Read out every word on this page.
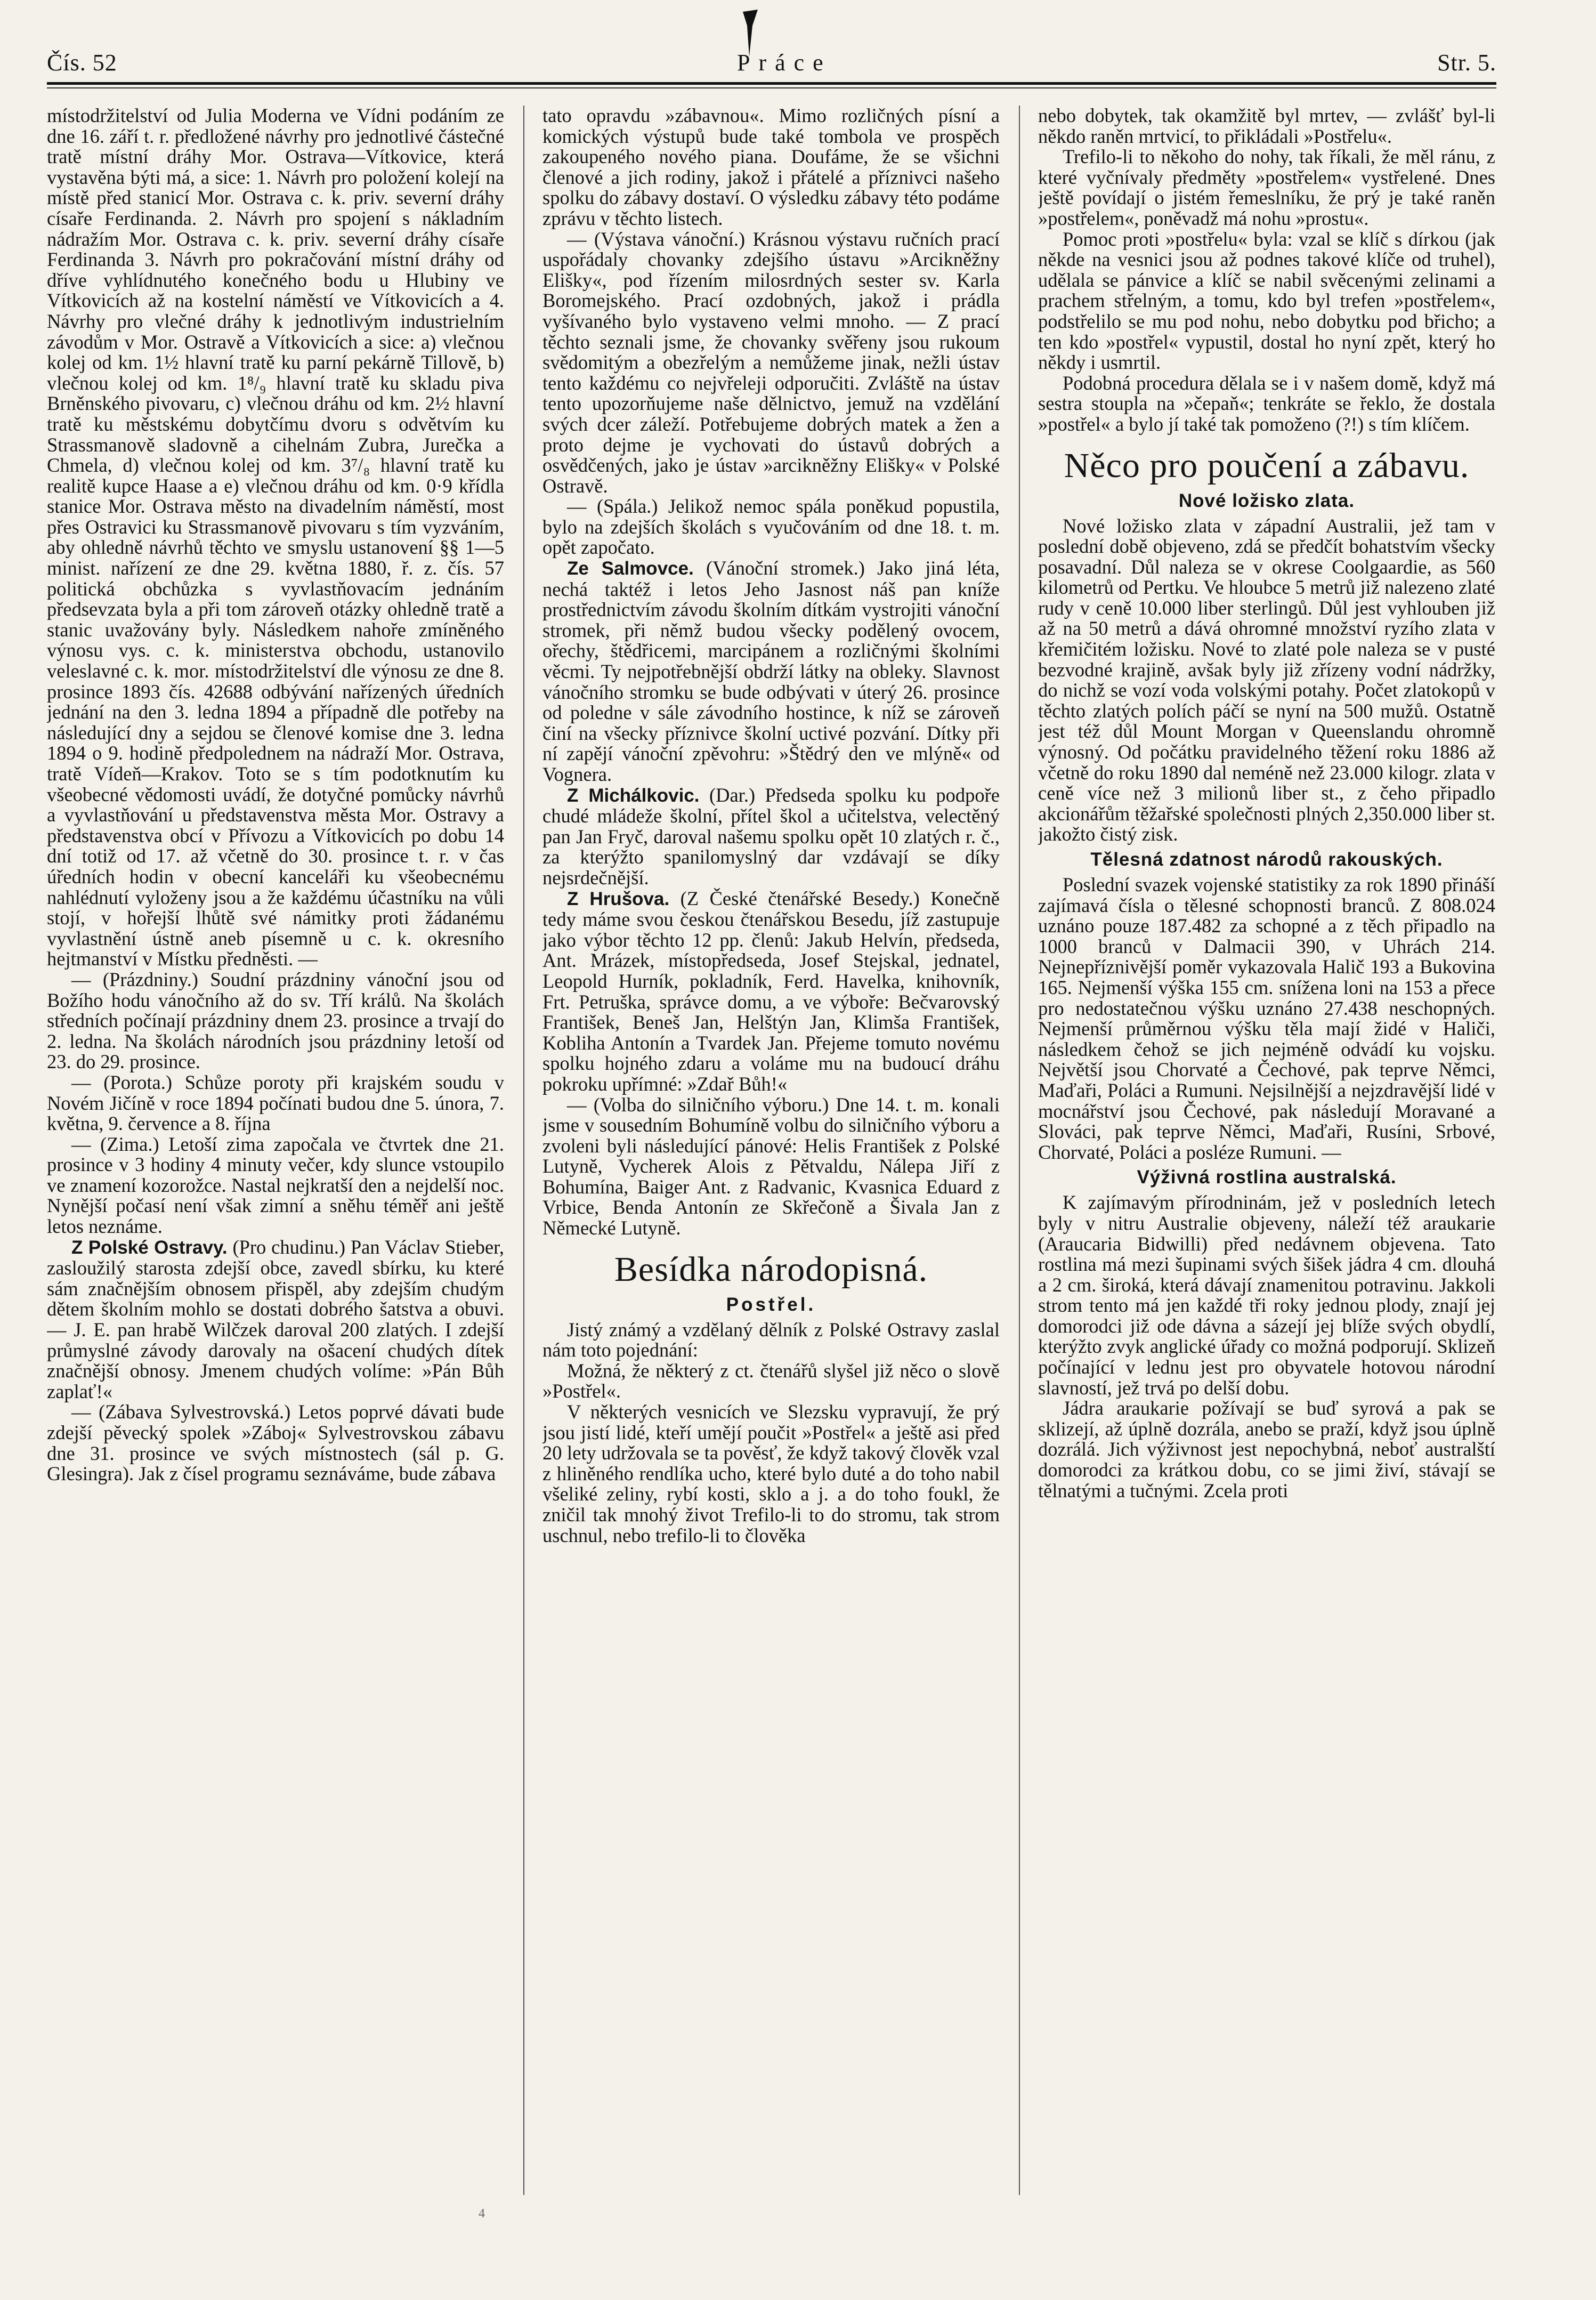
Čís. 52	Práce	Str. 5.

místodržitelství od Julia Moderna ve Vídni podáním ze dne 16. září t. r. předložené návrhy pro jednotlivé částečné tratě místní dráhy Mor. Ostrava—Vítkovice, která vystavěna býti má, a sice: 1. Návrh pro položení kolejí na místě před stanicí Mor. Ostrava c. k. priv. severní dráhy císaře Ferdinanda. 2. Návrh pro spojení s nákladním nádražím Mor. Ostrava c. k. priv. severní dráhy císaře Ferdinanda 3. Návrh pro pokračování místní dráhy od dříve vyhlídnutého konečného bodu u Hlubiny ve Vítkovicích až na kostelní náměstí ve Vítkovicích a 4. Návrhy pro vlečné dráhy k jednotlivým industrielním závodům v Mor. Ostravě a Vítkovicích a sice: a) vlečnou kolej od km. 1½ hlavní tratě ku parní pekárně Tillově, b) vlečnou kolej od km. 1⁸/₉ hlavní tratě ku skladu piva Brněnského pivovaru, c) vlečnou dráhu od km. 2½ hlavní tratě ku městskému dobytčímu dvoru s odvětvím ku Strassmanově sladovně a cihelnám Zubra, Jurečka a Chmela, d) vlečnou kolej od km. 3⁷/₈ hlavní tratě ku realitě kupce Haase a e) vlečnou dráhu od km. 0·9 křídla stanice Mor. Ostrava město na divadelním náměstí, most přes Ostravici ku Strassmanově pivovaru s tím vyzváním, aby ohledně návrhů těchto ve smyslu ustanovení §§ 1—5 minist. nařízení ze dne 29. května 1880, ř. z. čís. 57 politická obchůzka s vyvlastňovacím jednáním předsevzata byla a při tom zároveň otázky ohledně tratě a stanic uvažovány byly. Následkem nahoře zmíněného výnosu vys. c. k. ministerstva obchodu, ustanovilo veleslavné c. k. mor. místodržitelství dle výnosu ze dne 8. prosince 1893 čís. 42688 odbývání nařízených úředních jednání na den 3. ledna 1894 a případně dle potřeby na následující dny a sejdou se členové komise dne 3. ledna 1894 o 9. hodině předpolednem na nádraží Mor. Ostrava, tratě Vídeň—Krakov. Toto se s tím podotknutím ku všeobecné vědomosti uvádí, že dotyčné pomůcky návrhů a vyvlastňování u představenstva města Mor. Ostravy a představenstva obcí v Přívozu a Vítkovicích po dobu 14 dní totiž od 17. až včetně do 30. prosince t. r. v čas úředních hodin v obecní kanceláři ku všeobecnému nahlédnutí vyloženy jsou a že každému účastníku na vůli stojí, v hořejší lhůtě své námitky proti žádanému vyvlastnění ústně aneb písemně u c. k. okresního hejtmanství v Místku předněsti. —

— (Prázdniny.) Soudní prázdniny vánoční jsou od Božího hodu vánočního až do sv. Tří králů. Na školách středních počínají prázdniny dnem 23. prosince a trvají do 2. ledna. Na školách národních jsou prázdniny letoší od 23. do 29. prosince.

— (Porota.) Schůze poroty při krajském soudu v Novém Jičíně v roce 1894 počínati budou dne 5. února, 7. května, 9. července a 8. října

— (Zima.) Letoší zima započala ve čtvrtek dne 21. prosince v 3 hodiny 4 minuty večer, kdy slunce vstoupilo ve znamení kozorožce. Nastal nejkratší den a nejdelší noc. Nynější počasí není však zimní a sněhu téměř ani ještě letos neznáme.

Z Polské Ostravy. (Pro chudinu.) Pan Václav Stieber, zasloužilý starosta zdejší obce, zavedl sbírku, ku které sám značnějším obnosem přispěl, aby zdejším chudým dětem školním mohlo se dostati dobrého šatstva a obuvi. — J. E. pan hrabě Wilčzek daroval 200 zlatých. I zdejší průmyslné závody darovaly na ošacení chudých dítek značnější obnosy. Jmenem chudých volíme: »Pán Bůh zaplať!«

— (Zábava Sylvestrovská.) Letos poprvé dávati bude zdejší pěvecký spolek »Záboj« Sylvestrovskou zábavu dne 31. prosince ve svých místnostech (sál p. G. Glesingra). Jak z čísel programu seznáváme, bude zábava

tato opravdu »zábavnou«. Mimo rozličných písní a komických výstupů bude také tombola ve prospěch zakoupeného nového piana. Doufáme, že se všichni členové a jich rodiny, jakož i přátelé a příznivci našeho spolku do zábavy dostaví. O výsledku zábavy této podáme zprávu v těchto listech.

— (Výstava vánoční.) Krásnou výstavu ručních prací uspořádaly chovanky zdejšího ústavu »Arcikněžny Elišky«, pod řízením milosrdných sester sv. Karla Boromejského. Prací ozdobných, jakož i prádla vyšívaného bylo vystaveno velmi mnoho. — Z prací těchto seznali jsme, že chovanky svěřeny jsou rukoum svědomitým a obezřelým a nemůžeme jinak, nežli ústav tento každému co nejvřeleji odporučiti. Zvláště na ústav tento upozorňujeme naše dělnictvo, jemuž na vzdělání svých dcer záleží. Potřebujeme dobrých matek a žen a proto dejme je vychovati do ústavů dobrých a osvědčených, jako je ústav »arcikněžny Elišky« v Polské Ostravě.

— (Spála.) Jelikož nemoc spála poněkud popustila, bylo na zdejších školách s vyučováním od dne 18. t. m. opět započato.

Ze Salmovce. (Vánoční stromek.) Jako jiná léta, nechá taktéž i letos Jeho Jasnost náš pan kníže prostřednictvím závodu školním dítkám vystrojiti vánoční stromek, při němž budou všecky podělený ovocem, ořechy, štědřicemi, marcipánem a rozličnými školními věcmi. Ty nejpotřebnější obdrží látky na obleky. Slavnost vánočního stromku se bude odbývati v úterý 26. prosince od poledne v sále závodního hostince, k níž se zároveň činí na všecky příznivce školní uctivé pozvání. Dítky při ní zapějí vánoční zpěvohru: »Štědrý den ve mlýně« od Vognera.

Z Michálkovic. (Dar.) Předseda spolku ku podpoře chudé mládeže školní, přítel škol a učitelstva, velectěný pan Jan Fryč, daroval našemu spolku opět 10 zlatých r. č., za kterýžto spanilomyslný dar vzdávají se díky nejsrdečnější.

Z Hrušova. (Z České čtenářské Besedy.) Konečně tedy máme svou českou čtenářskou Besedu, jíž zastupuje jako výbor těchto 12 pp. členů: Jakub Helvín, předseda, Ant. Mrázek, místopředseda, Josef Stejskal, jednatel, Leopold Hurník, pokladník, Ferd. Havelka, knihovník, Frt. Petruška, správce domu, a ve výboře: Bečvarovský František, Beneš Jan, Helštýn Jan, Klimša František, Kobliha Antonín a Tvardek Jan. Přejeme tomuto novému spolku hojného zdaru a voláme mu na budoucí dráhu pokroku upřímné: »Zdař Bůh!«

— (Volba do silničního výboru.) Dne 14. t. m. konali jsme v sousedním Bohumíně volbu do silničního výboru a zvoleni byli následující pánové: Helis František z Polské Lutyně, Vycherek Alois z Pětvaldu, Nálepa Jiří z Bohumína, Baiger Ant. z Radvanic, Kvasnica Eduard z Vrbice, Benda Antonín ze Skřečoně a Šivala Jan z Německé Lutyně.

Besídka národopisná.
Postřel.

Jistý známý a vzdělaný dělník z Polské Ostravy zaslal nám toto pojednání:

Možná, že některý z ct. čtenářů slyšel již něco o slově »Postřel«.

V některých vesnicích ve Slezsku vypravují, že prý jsou jistí lidé, kteří umějí poučit »Postřel« a ještě asi před 20 lety udržovala se ta pověsť, že když takový člověk vzal z hliněného rendlíka ucho, které bylo duté a do toho nabil všeliké zeliny, rybí kosti, sklo a j. a do toho foukl, že zničil tak mnohý život Trefilo-li to do stromu, tak strom uschnul, nebo trefilo-li to člověka

nebo dobytek, tak okamžitě byl mrtev, — zvlášť byl-li někdo raněn mrtvicí, to přikládali »Postřelu«.

Trefilo-li to někoho do nohy, tak říkali, že měl ránu, z které vyčnívaly předměty »postřelem« vystřelené. Dnes ještě povídají o jistém řemeslníku, že prý je také raněn »postřelem«, poněvadž má nohu »prostu«.

Pomoc proti »postřelu« byla: vzal se klíč s dírkou (jak někde na vesnici jsou až podnes takové klíče od truhel), udělala se pánvice a klíč se nabil svěcenými zelinami a prachem střelným, a tomu, kdo byl trefen »postřelem«, podstřelilo se mu pod nohu, nebo dobytku pod břicho; a ten kdo »postřel« vypustil, dostal ho nyní zpět, který ho někdy i usmrtil.

Podobná procedura dělala se i v našem domě, když má sestra stoupla na »čepaň«; tenkráte se řeklo, že dostala »postřel« a bylo jí také tak pomoženo (?!) s tím klíčem.

Něco pro poučení a zábavu.
Nové ložisko zlata.

Nové ložisko zlata v západní Australii, jež tam v poslední době objeveno, zdá se předčít bohatstvím všecky posavadní. Důl naleza se v okrese Coolgaardie, as 560 kilometrů od Pertku. Ve hloubce 5 metrů již nalezeno zlaté rudy v ceně 10.000 liber sterlingů. Důl jest vyhlouben již až na 50 metrů a dává ohromné množství ryzího zlata v křemičitém ložisku. Nové to zlaté pole naleza se v pusté bezvodné krajině, avšak byly již zřízeny vodní nádržky, do nichž se vozí voda volskými potahy. Počet zlatokopů v těchto zlatých polích páčí se nyní na 500 mužů. Ostatně jest též důl Mount Morgan v Queenslandu ohromně výnosný. Od počátku pravidelného těžení roku 1886 až včetně do roku 1890 dal neméně než 23.000 kilogr. zlata v ceně více než 3 milionů liber st., z čeho připadlo akcionářům těžařské společnosti plných 2,350.000 liber st. jakožto čistý zisk.

Tělesná zdatnost národů rakouských.

Poslední svazek vojenské statistiky za rok 1890 přináší zajímavá čísla o tělesné schopnosti branců. Z 808.024 uznáno pouze 187.482 za schopné a z těch připadlo na 1000 branců v Dalmacii 390, v Uhrách 214. Nejnepříznivější poměr vykazovala Halič 193 a Bukovina 165. Nejmenší výška 155 cm. snížena loni na 153 a přece pro nedostatečnou výšku uznáno 27.438 neschopných. Nejmenší průměrnou výšku těla mají židé v Haliči, následkem čehož se jich nejméně odvádí ku vojsku. Největší jsou Chorvaté a Čechové, pak teprve Němci, Maďaři, Poláci a Rumuni. Nejsilnější a nejzdravější lidé v mocnářství jsou Čechové, pak následují Moravané a Slováci, pak teprve Němci, Maďaři, Rusíni, Srbové, Chorvaté, Poláci a posléze Rumuni. —

Výživná rostlina australská.

K zajímavým přírodninám, jež v posledních letech byly v nitru Australie objeveny, náleží též araukarie (Araucaria Bidwilli) před nedávnem objevena. Tato rostlina má mezi šupinami svých šišek jádra 4 cm. dlouhá a 2 cm. široká, která dávají znamenitou potravinu. Jakkoli strom tento má jen každé tři roky jednou plody, znají jej domorodci již ode dávna a sázejí jej blíže svých obydlí, kterýžto zvyk anglické úřady co možná podporují. Sklizeň počínající v lednu jest pro obyvatele hotovou národní slavností, jež trvá po delší dobu.

Jádra araukarie požívají se buď syrová a pak se sklizejí, až úplně dozrála, anebo se praží, když jsou úplně dozrálá. Jich výživnost jest nepochybná, neboť australští domorodci za krátkou dobu, co se jimi živí, stávají se tělnatými a tučnými. Zcela proti

4
